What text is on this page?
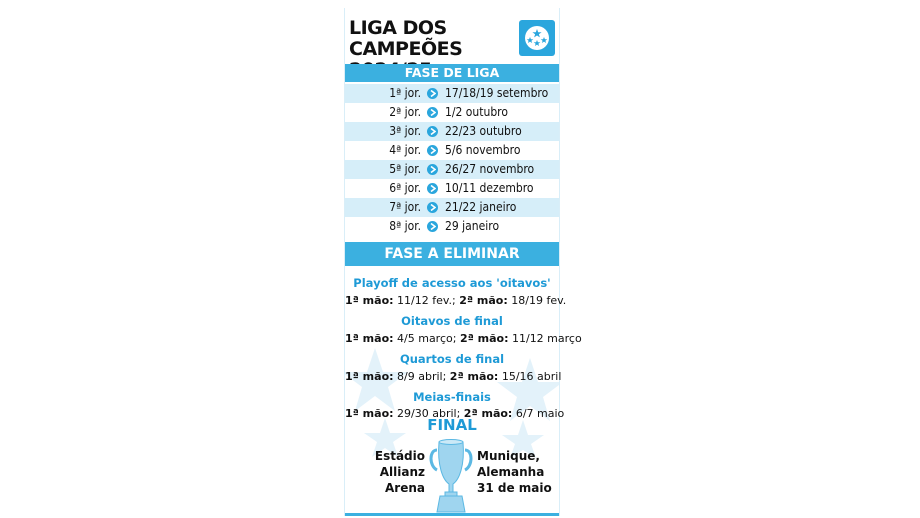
LIGA DOS CAMPEÕES
FASE DE LIGA
1ª jor. 17/18/19 setembro
2ª jor. 1/2 outubro
3ª jor. 22/23 outubro
4ª jor. 5/6 novembro
5ª jor. 26/27 novembro
6ª jor. 10/11 dezembro
7ª jor. 21/22 janeiro
8ª jor. 29 janeiro
FASE A ELIMINAR
Playoff de acesso aos 'oitavos'
1ª mão: 11/12 fev.; 2ª mão: 18/19 fev.
Oitavos de final
1ª mão: 4/5 março; 2ª mão: 11/12 março
Quartos de final
1ª mão: 8/9 abril; 2ª mão: 15/16 abril
Meias-finais
1ª mão: 29/30 abril; 2ª mão: 6/7 maio
FINAL
Estádio
Allianz
Arena
Munique,
Alemanha
31 de maio
